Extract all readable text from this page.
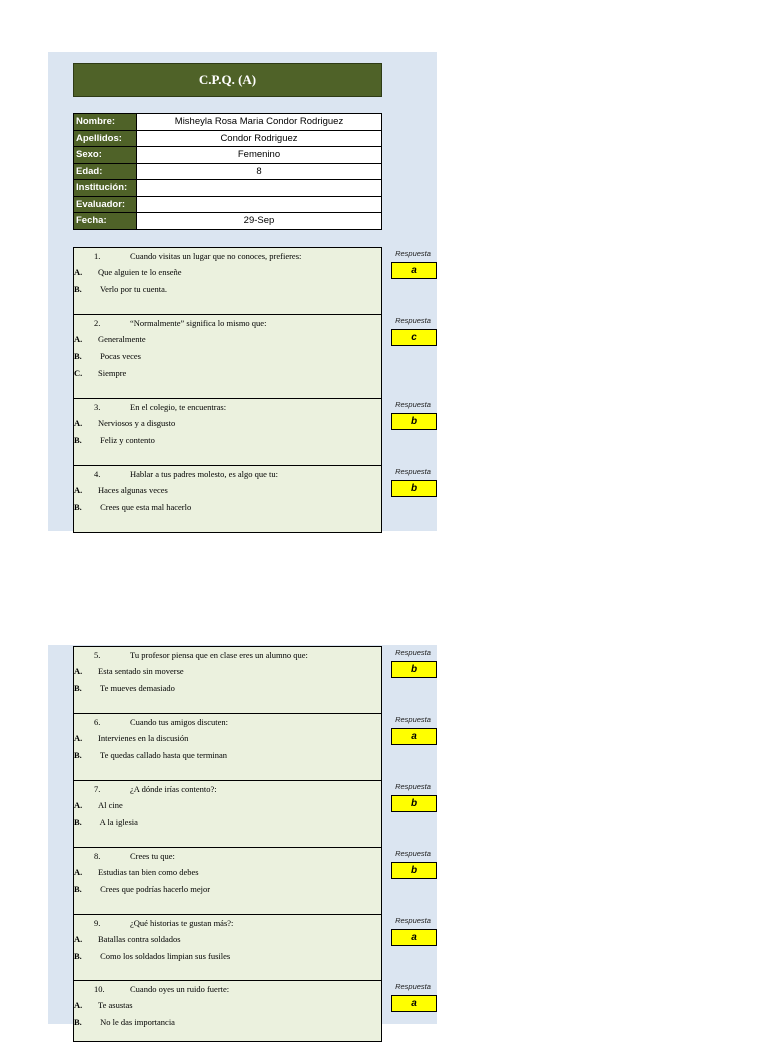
C.P.Q. (A)
Nombre:	Misheyla Rosa Maria Condor Rodriguez
Apellidos:	Condor Rodriguez
Sexo:	Femenino
Edad:	8
Institución:	
Evaluador:	
Fecha:	29-Sep
1.	Cuando visitas un lugar que no conoces, prefieres:
A. Que alguien te lo enseñe
B. Verlo por tu cuenta.
Respuesta
a
2.	“Normalmente” significa lo mismo que:
A. Generalmente
B. Pocas veces
C. Siempre
Respuesta
c
3.	En el colegio, te encuentras:
A. Nerviosos y a disgusto
B. Feliz y contento
Respuesta
b
4.	Hablar a tus padres molesto, es algo que tu:
A. Haces algunas veces
B. Crees que esta mal hacerlo
Respuesta
b
5.	Tu profesor piensa que en clase eres un alumno que:
A. Esta sentado sin moverse
B. Te mueves demasiado
Respuesta
b
6.	Cuando tus amigos discuten:
A. Intervienes en la discusión
B. Te quedas callado hasta que terminan
Respuesta
a
7.	¿A dónde irías contento?:
A. Al cine
B. A la iglesia
Respuesta
b
8.	Crees tu que:
A. Estudias tan bien como debes
B. Crees que podrías hacerlo mejor
Respuesta
b
9.	¿Qué historias te gustan más?:
A. Batallas contra soldados
B. Como los soldados limpian sus fusiles
Respuesta
a
10.	Cuando oyes un ruido fuerte:
A. Te asustas
B. No le das importancia
Respuesta
a
